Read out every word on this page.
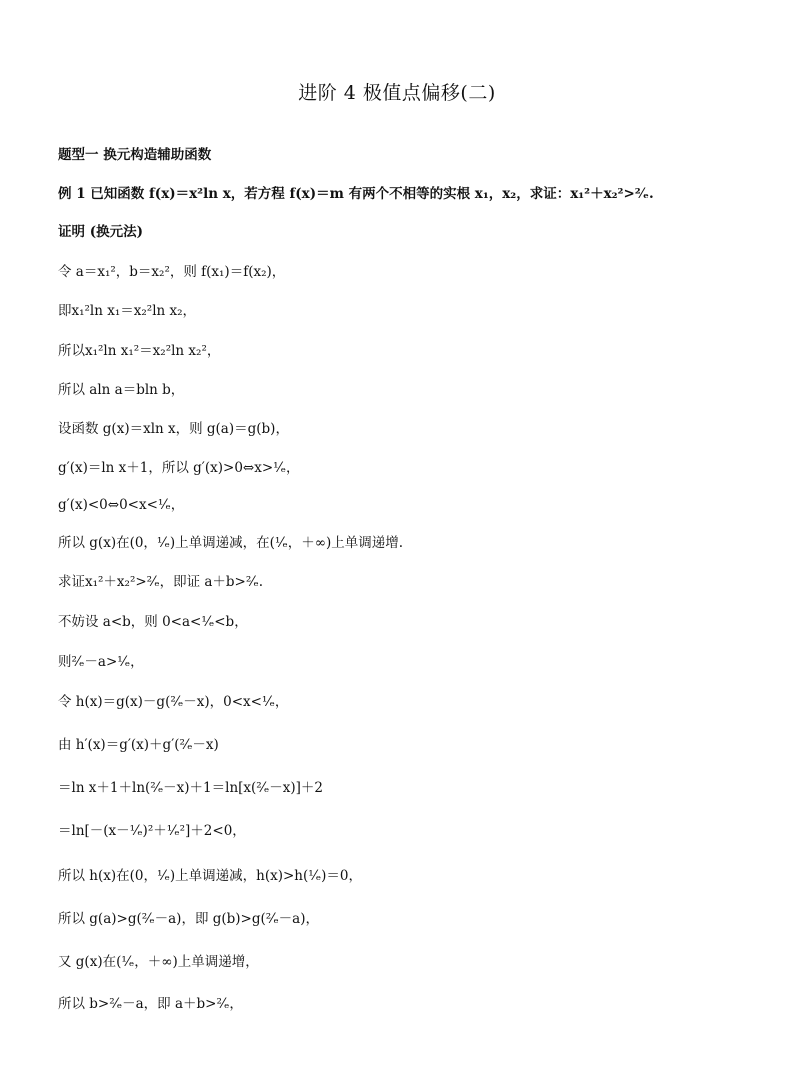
进阶 4 极值点偏移(二)
题型一 换元构造辅助函数
例 1 已知函数 f(x)＝x²ln x，若方程 f(x)＝m 有两个不相等的实根 x₁，x₂，求证：x₁²＋x₂²>²⁄ₑ.
证明 (换元法)
令 a＝x₁²，b＝x₂²，则 f(x₁)＝f(x₂)，
即x₁²ln x₁＝x₂²ln x₂，
所以x₁²ln x₁²＝x₂²ln x₂²，
所以 aln a＝bln b，
设函数 g(x)＝xln x，则 g(a)＝g(b)，
g′(x)＝ln x＋1，所以 g′(x)>0⇔x>¹⁄ₑ，
g′(x)<0⇔0<x<¹⁄ₑ，
所以 g(x)在(0，¹⁄ₑ)上单调递减，在(¹⁄ₑ，＋∞)上单调递增.
求证x₁²＋x₂²>²⁄ₑ，即证 a＋b>²⁄ₑ.
不妨设 a<b，则 0<a<¹⁄ₑ<b，
则²⁄ₑ－a>¹⁄ₑ，
令 h(x)＝g(x)－g(²⁄ₑ－x)，0<x<¹⁄ₑ，
由 h′(x)＝g′(x)＋g′(²⁄ₑ－x)
＝ln x＋1＋ln(²⁄ₑ－x)＋1＝ln[x(²⁄ₑ－x)]＋2
＝ln[－(x－¹⁄ₑ)²＋¹⁄ₑ²]＋2<0，
所以 h(x)在(0，¹⁄ₑ)上单调递减，h(x)>h(¹⁄ₑ)＝0，
所以 g(a)>g(²⁄ₑ－a)，即 g(b)>g(²⁄ₑ－a)，
又 g(x)在(¹⁄ₑ，＋∞)上单调递增，
所以 b>²⁄ₑ－a，即 a＋b>²⁄ₑ，
